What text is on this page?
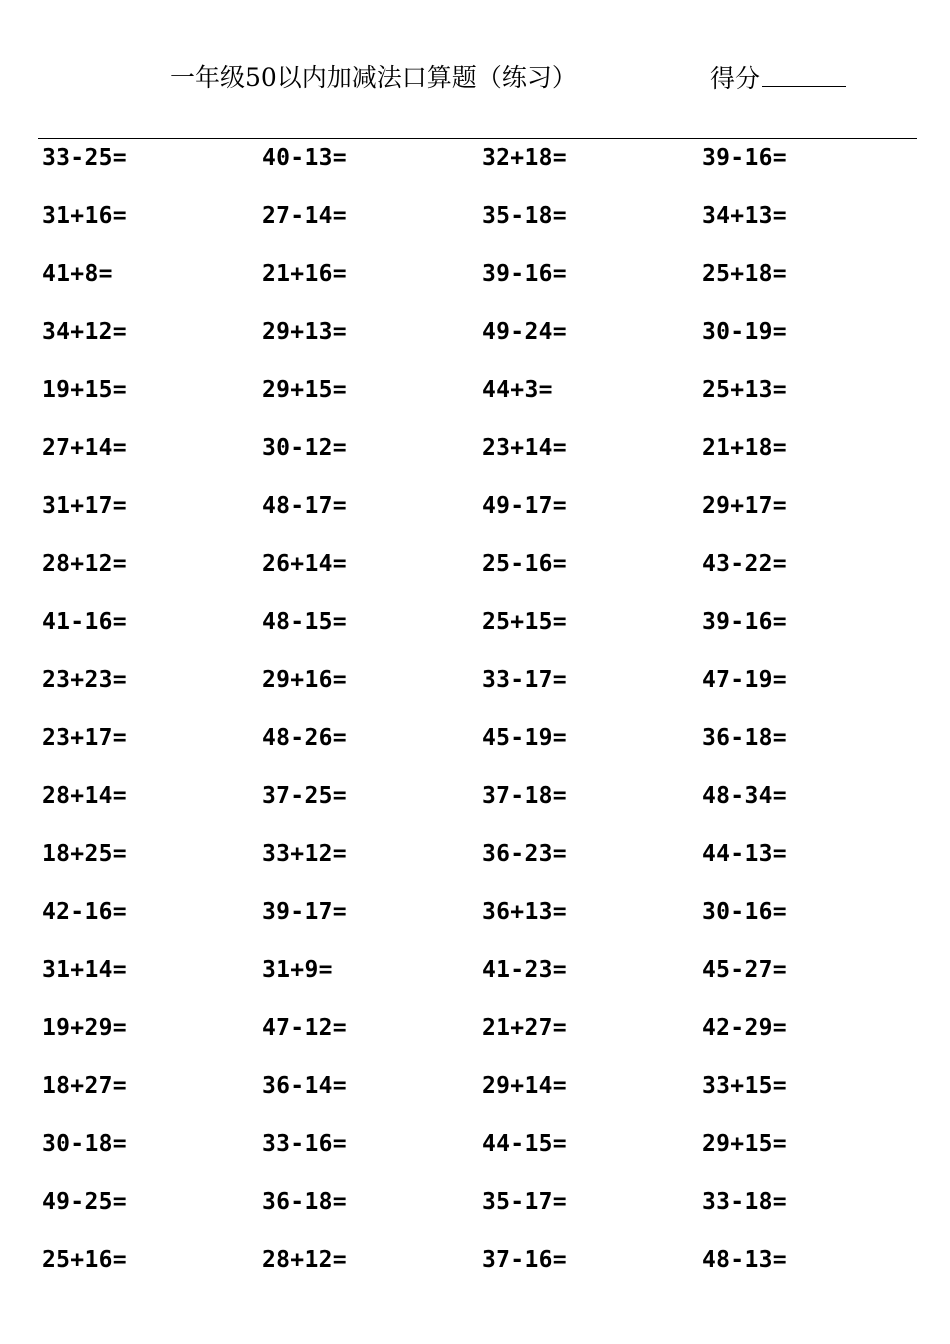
一年级50以内加减法口算题（练习）	得分
33-25=	40-13=	32+18=	39-16=
31+16=	27-14=	35-18=	34+13=
41+8=	21+16=	39-16=	25+18=
34+12=	29+13=	49-24=	30-19=
19+15=	29+15=	44+3=	25+13=
27+14=	30-12=	23+14=	21+18=
31+17=	48-17=	49-17=	29+17=
28+12=	26+14=	25-16=	43-22=
41-16=	48-15=	25+15=	39-16=
23+23=	29+16=	33-17=	47-19=
23+17=	48-26=	45-19=	36-18=
28+14=	37-25=	37-18=	48-34=
18+25=	33+12=	36-23=	44-13=
42-16=	39-17=	36+13=	30-16=
31+14=	31+9=	41-23=	45-27=
19+29=	47-12=	21+27=	42-29=
18+27=	36-14=	29+14=	33+15=
30-18=	33-16=	44-15=	29+15=
49-25=	36-18=	35-17=	33-18=
25+16=	28+12=	37-16=	48-13=
